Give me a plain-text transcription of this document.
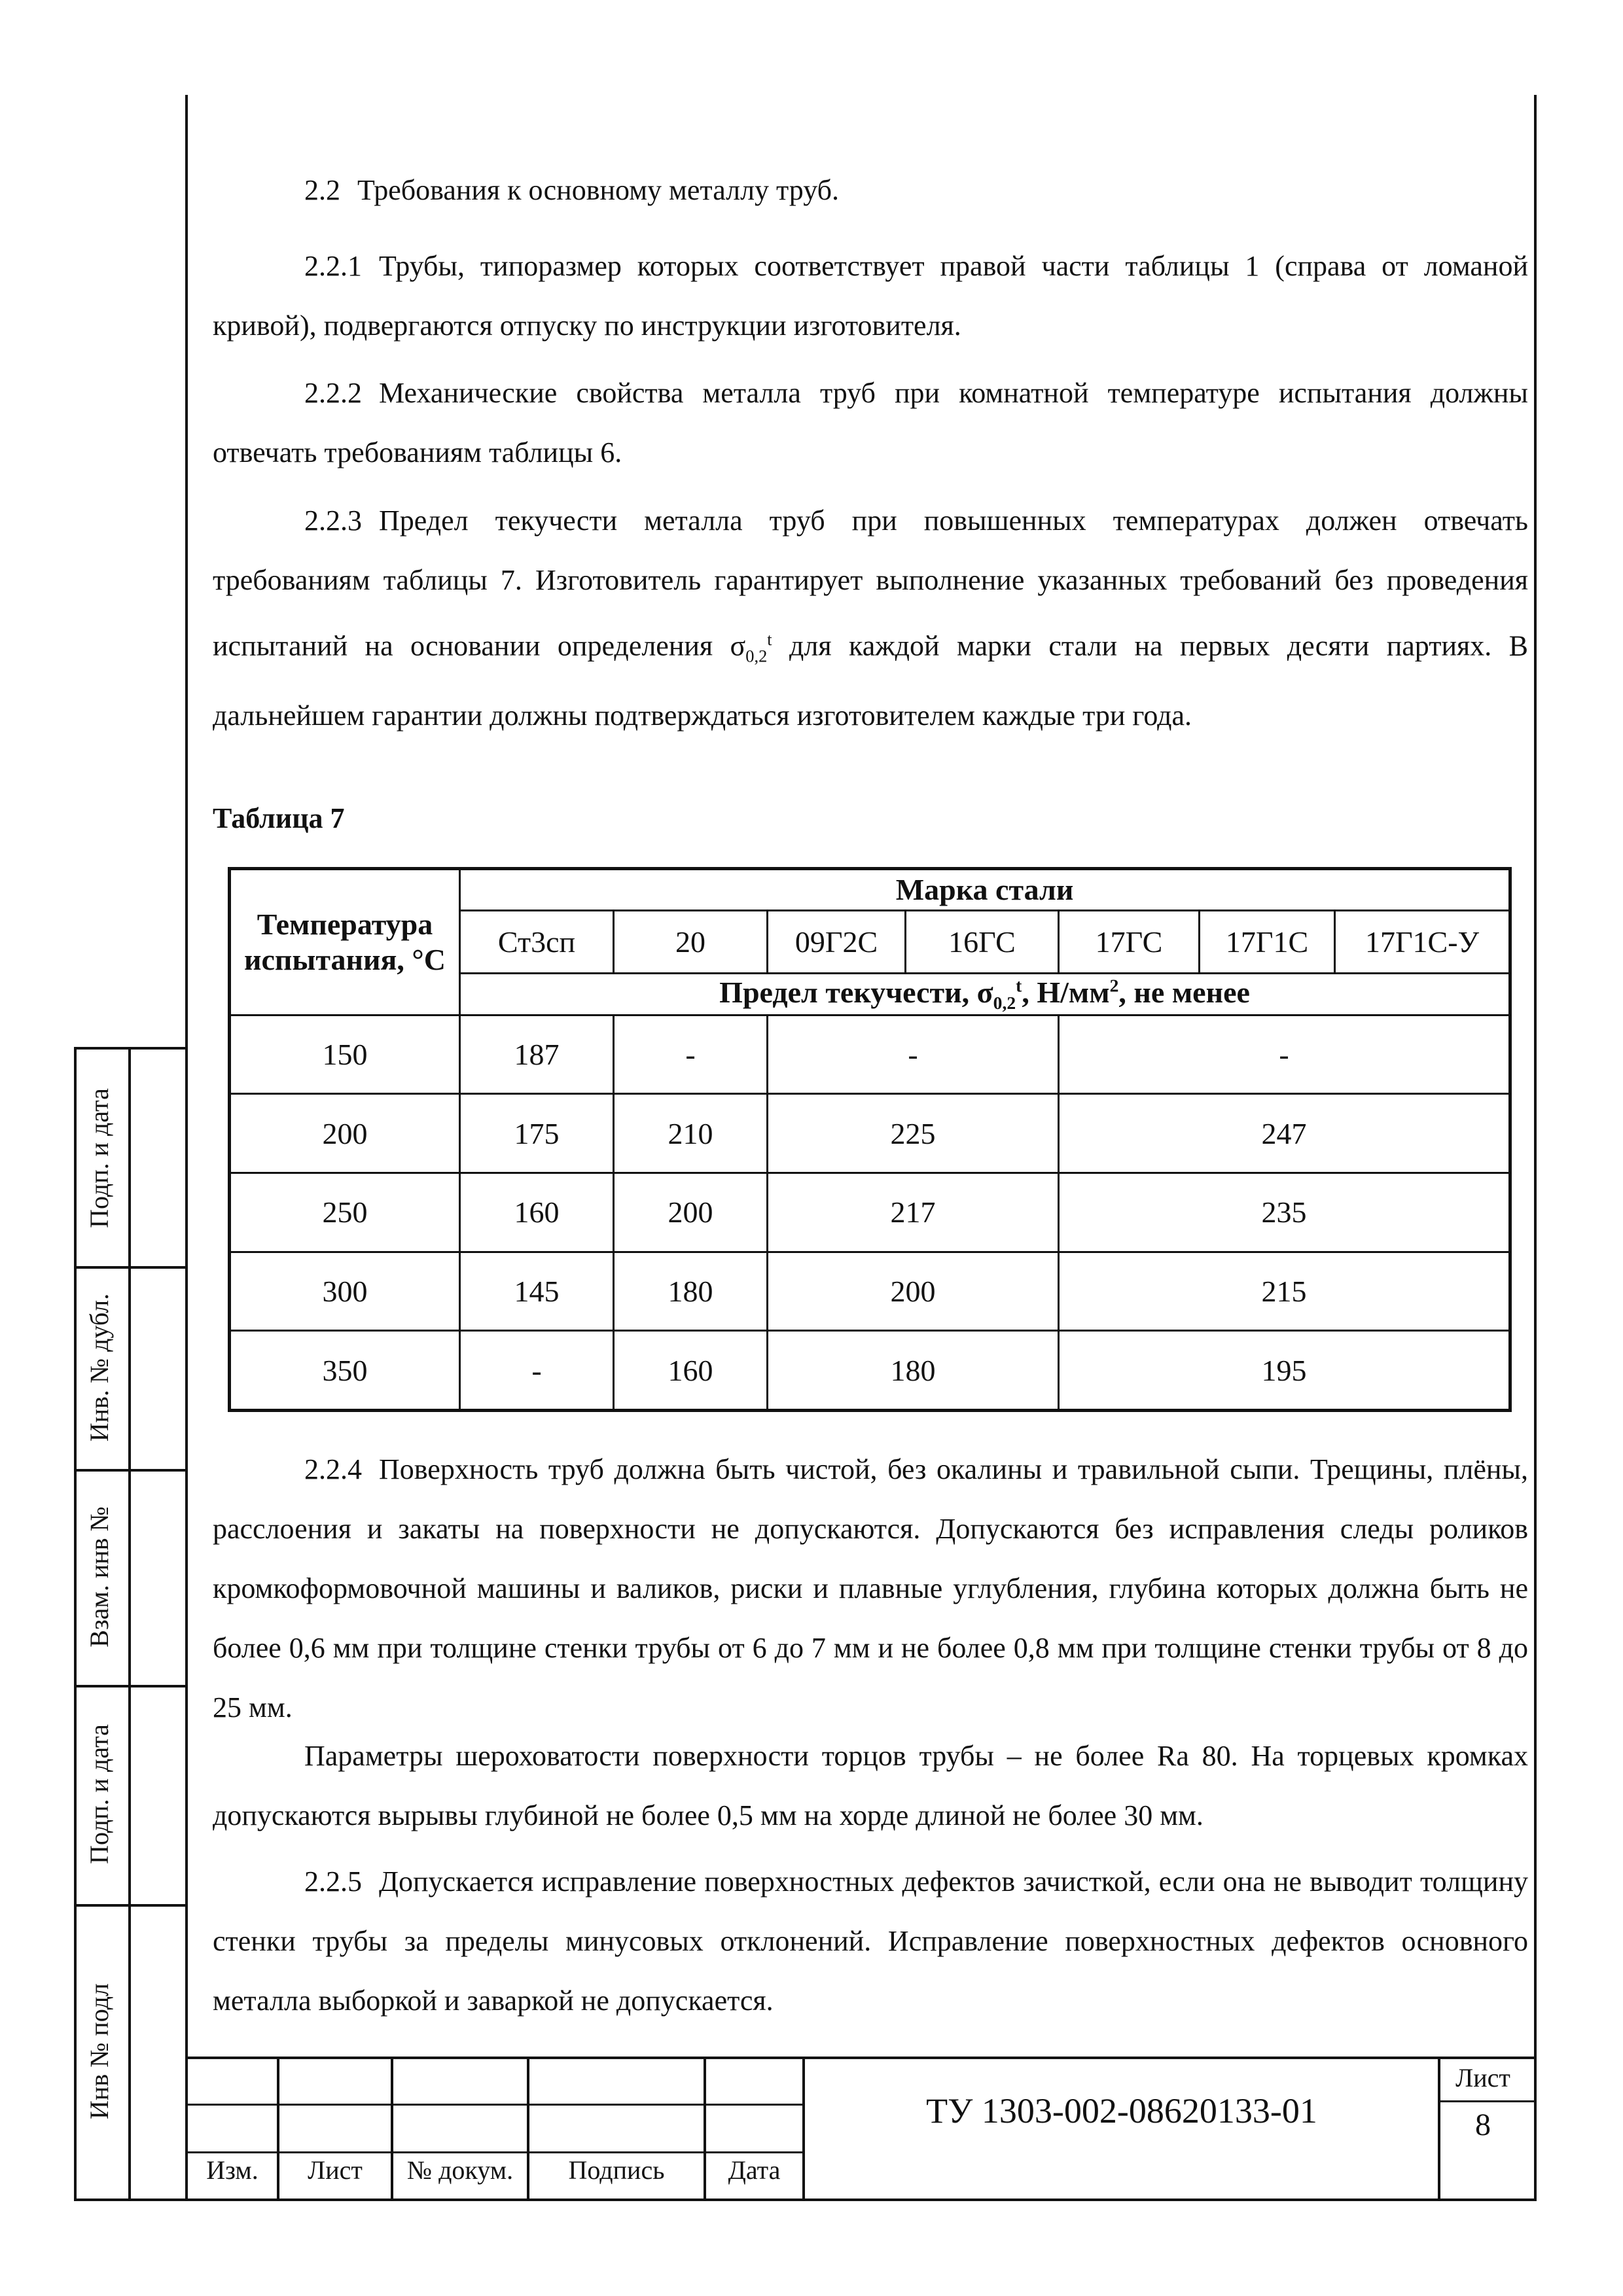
2.2 Требования к основному металлу труб.
2.2.1 Трубы, типоразмер которых соответствует правой части таблицы 1 (справа от ломаной кривой), подвергаются отпуску по инструкции изготовителя.
2.2.2 Механические свойства металла труб при комнатной температуре испытания должны отвечать требованиям таблицы 6.
2.2.3 Предел текучести металла труб при повышенных температурах должен отвечать требованиям таблицы 7. Изготовитель гарантирует выполнение указанных требований без проведения испытаний на основании определения $\sigma_{0,2}^t$ для каждой марки стали на первых десяти партиях. В дальнейшем гарантии должны подтверждаться изготовителем каждые три года.
Таблица 7
Температура испытания, °С	Марка стали						
	Ст3сп	20	09Г2С	16ГС	17ГС	17Г1С	17Г1С-У
	Предел текучести, $\sigma_{0,2}^t$, $Н/мм^2$, не менее						
150	187	-	-		-		
200	175	210	225		247		
250	160	200	217		235		
300	145	180	200		215		
350	-	160	180		195		
2.2.4 Поверхность труб должна быть чистой, без окалины и травильной сыпи. Трещины, плёны, расслоения и закаты на поверхности не допускаются. Допускаются без исправления следы роликов кромкоформовочной машины и валиков, риски и плавные углубления, глубина которых должна быть не более 0,6 мм при толщине стенки трубы от 6 до 7 мм и не более 0,8 мм при толщине стенки трубы от 8 до 25 мм.
Параметры шероховатости поверхности торцов трубы – не более Ra 80. На торцевых кромках допускаются вырывы глубиной не более 0,5 мм на хорде длиной не более 30 мм.
2.2.5 Допускается исправление поверхностных дефектов зачисткой, если она не выводит толщину стенки трубы за пределы минусовых отклонений. Исправление поверхностных дефектов основного металла выборкой и заваркой не допускается.
Подп. и дата
Инв. № дубл.
Взам. инв №
Подп. и дата
Инв № подл
Изм.	Лист	№ докум.	Подпись	Дата
ТУ 1303-002-08620133-01
Лист
8
